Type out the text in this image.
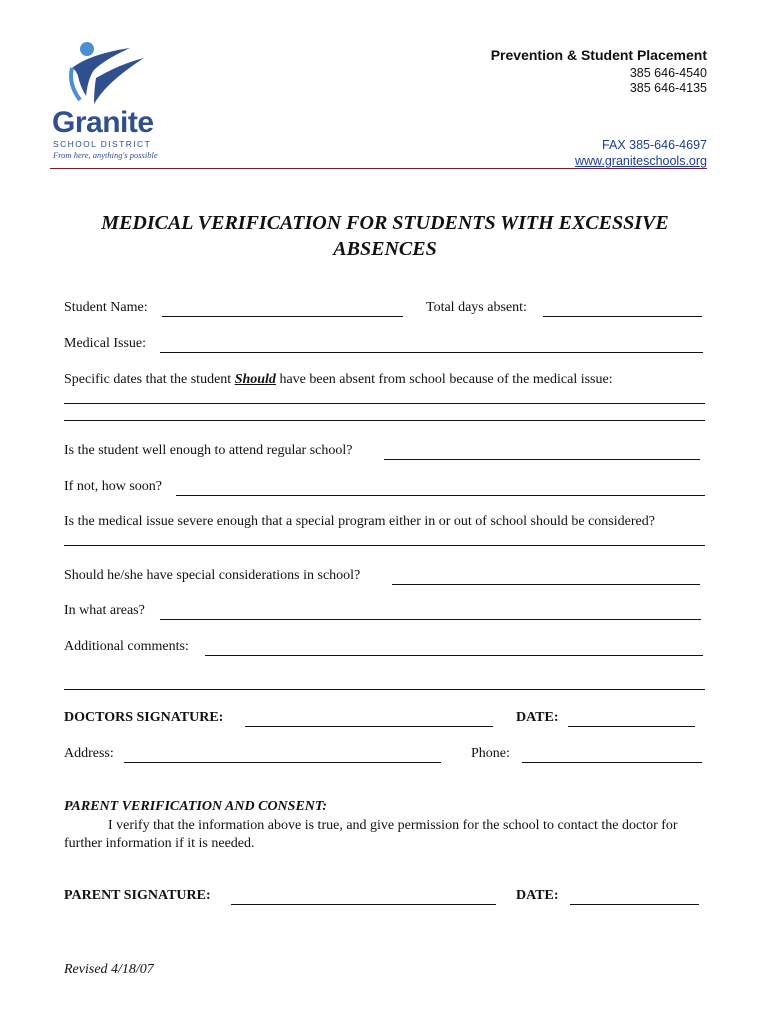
Granite
SCHOOL DISTRICT
From here, anything's possible
Prevention & Student Placement
385 646-4540
385 646-4135
FAX 385-646-4697
www.graniteschools.org
MEDICAL VERIFICATION FOR STUDENTS WITH EXCESSIVE
ABSENCES
Student Name:	Total days absent:
Medical Issue:
Specific dates that the student Should have been absent from school because of the medical issue:
Is the student well enough to attend regular school?
If not, how soon?
Is the medical issue severe enough that a special program either in or out of school should be considered?
Should he/she have special considerations in school?
In what areas?
Additional comments:
DOCTORS SIGNATURE:	DATE:
Address:	Phone:
PARENT VERIFICATION AND CONSENT:
I verify that the information above is true, and give permission for the school to contact the doctor for further information if it is needed.
PARENT SIGNATURE:	DATE:
Revised 4/18/07
